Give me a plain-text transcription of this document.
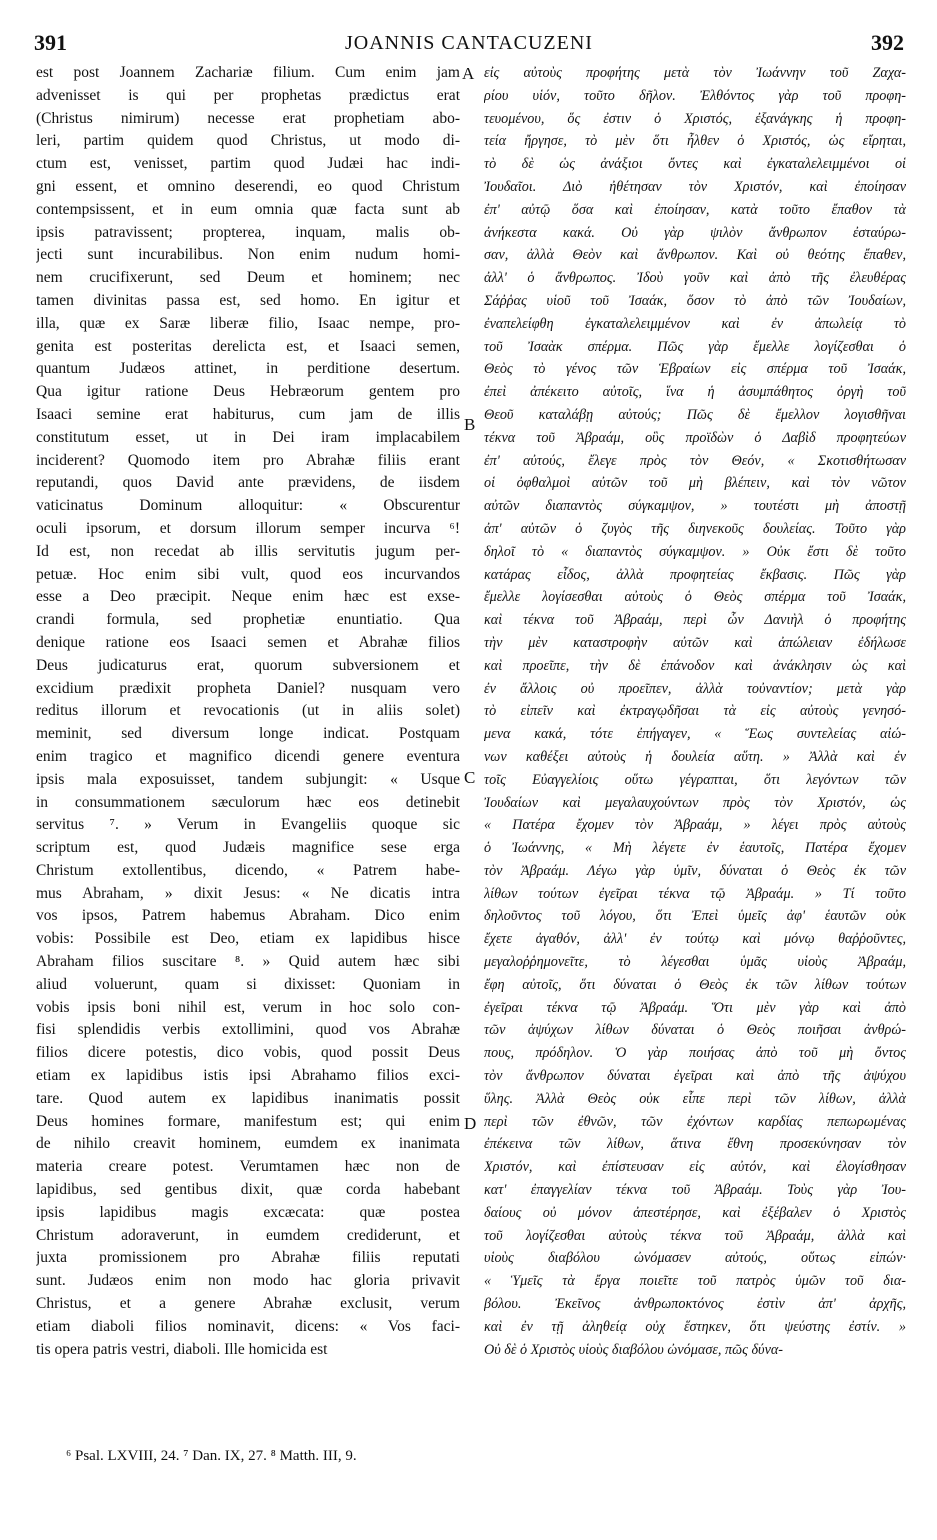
391	JOANNIS CANTACUZENI	392
est post Joannem Zachariæ filium. Cum enim jam
advenisset is qui per prophetas prædictus erat
(Christus nimirum) necesse erat prophetiam abo-
leri, partim quidem quod Christus, ut modo di-
ctum est, venisset, partim quod Judæi hac indi-
gni essent, et omnino deserendi, eo quod Christum
contempsissent, et in eum omnia quæ facta sunt ab
ipsis patravissent; propterea, inquam, malis ob-
jecti sunt incurabilibus. Non enim nudum homi-
nem crucifixerunt, sed Deum et hominem; nec
tamen divinitas passa est, sed homo. En igitur et
illa, quæ ex Saræ liberæ filio, Isaac nempe, pro-
genita est posteritas derelicta est, et Isaaci semen,
quantum Judæos attinet, in perditione desertum.
Qua igitur ratione Deus Hebræorum gentem pro
Isaaci semine erat habiturus, cum jam de illis
constitutum esset, ut in Dei iram implacabilem
inciderent? Quomodo item pro Abrahæ filiis erant
reputandi, quos David ante prævidens, de iisdem
vaticinatus Dominum alloquitur: « Obscurentur
oculi ipsorum, et dorsum illorum semper incurva ⁶!
Id est, non recedat ab illis servitutis jugum per-
petuæ. Hoc enim sibi vult, quod eos incurvandos
esse a Deo præcipit. Neque enim hæc est exse-
crandi formula, sed prophetiæ enuntiatio. Qua
denique ratione eos Isaaci semen et Abrahæ filios
Deus judicaturus erat, quorum subversionem et
excidium prædixit propheta Daniel? nusquam vero
reditus illorum et revocationis (ut in aliis solet)
meminit, sed diversum longe indicat. Postquam
enim tragico et magnifico dicendi genere eventura
ipsis mala exposuisset, tandem subjungit: « Usque
in consummationem sæculorum hæc eos detinebit
servitus ⁷. » Verum in Evangeliis quoque sic
scriptum est, quod Judæis magnifice sese erga
Christum extollentibus, dicendo, « Patrem habe-
mus Abraham, » dixit Jesus: « Ne dicatis intra
vos ipsos, Patrem habemus Abraham. Dico enim
vobis: Possibile est Deo, etiam ex lapidibus hisce
Abraham filios suscitare ⁸. » Quid autem hæc sibi
aliud voluerunt, quam si dixisset: Quoniam in
vobis ipsis boni nihil est, verum in hoc solo con-
fisi splendidis verbis extollimini, quod vos Abrahæ
filios dicere potestis, dico vobis, quod possit Deus
etiam ex lapidibus istis ipsi Abrahamo filios exci-
tare. Quod autem ex lapidibus inanimatis possit
Deus homines formare, manifestum est; qui enim
de nihilo creavit hominem, eumdem ex inanimata
materia creare potest. Verumtamen hæc non de
lapidibus, sed gentibus dixit, quæ corda habebant
ipsis lapidibus magis excæcata: quæ postea
Christum adoraverunt, in eumdem crediderunt, et
juxta promissionem pro Abrahæ filiis reputati
sunt. Judæos enim non modo hac gloria privavit
Christus, et a genere Abrahæ exclusit, verum
etiam diaboli filios nominavit, dicens: « Vos faci-
tis opera patris vestri, diaboli. Ille homicida est
εἰς αὐτοὺς προφήτης μετὰ τὸν Ἰωάννην τοῦ Ζαχα-
ρίου υἱόν, τοῦτο δῆλον. Ἐλθόντος γὰρ τοῦ προφη-
τευομένου, ὅς ἐστιν ὁ Χριστός, ἐξανάγκης ἡ προφη-
τεία ἤργησε, τὸ μὲν ὅτι ἦλθεν ὁ Χριστός, ὡς εἴρηται,
τὸ δὲ ὡς ἀνάξιοι ὄντες καὶ ἐγκαταλελειμμένοι οἱ
Ἰουδαῖοι. Διὸ ἠθέτησαν τὸν Χριστόν, καὶ ἐποίησαν
ἐπ' αὐτῷ ὅσα καὶ ἐποίησαν, κατὰ τοῦτο ἔπαθον τὰ
ἀνήκεστα κακά. Οὐ γὰρ ψιλὸν ἄνθρωπον ἐσταύρω-
σαν, ἀλλὰ Θεὸν καὶ ἄνθρωπον. Καὶ οὐ θεότης ἔπαθεν,
ἀλλ' ὁ ἄνθρωπος. Ἰδοὺ γοῦν καὶ ἀπὸ τῆς ἐλευθέρας
Σάῤῥας υἱοῦ τοῦ Ἰσαάκ, ὅσον τὸ ἀπὸ τῶν Ἰουδαίων,
ἐναπελείφθη ἐγκαταλελειμμένον καὶ ἐν ἀπωλείᾳ τὸ
τοῦ Ἰσαὰκ σπέρμα. Πῶς γὰρ ἔμελλε λογίζεσθαι ὁ
Θεὸς τὸ γένος τῶν Ἑβραίων εἰς σπέρμα τοῦ Ἰσαάκ,
ἐπεὶ ἀπέκειτο αὐτοῖς, ἵνα ἡ ἀσυμπάθητος ὀργὴ τοῦ
Θεοῦ καταλάβῃ αὐτούς; Πῶς δὲ ἔμελλον λογισθῆναι
τέκνα τοῦ Ἀβραάμ, οὓς προϊδὼν ὁ Δαβὶδ προφητεύων
ἐπ' αὐτούς, ἔλεγε πρὸς τὸν Θεόν, « Σκοτισθήτωσαν
οἱ ὀφθαλμοὶ αὐτῶν τοῦ μὴ βλέπειν, καὶ τὸν νῶτον
αὐτῶν διαπαντὸς σύγκαμψον, » τουτέστι μὴ ἀποστῇ
ἀπ' αὐτῶν ὁ ζυγὸς τῆς διηνεκοῦς δουλείας. Τοῦτο γὰρ
δηλοῖ τὸ « διαπαντὸς σύγκαμψον. » Οὐκ ἔστι δὲ τοῦτο
κατάρας εἶδος, ἀλλὰ προφητείας ἔκβασις. Πῶς γὰρ
ἔμελλε λογίσεσθαι αὐτοὺς ὁ Θεὸς σπέρμα τοῦ Ἰσαάκ,
καὶ τέκνα τοῦ Ἀβραάμ, περὶ ὧν Δανιὴλ ὁ προφήτης
τὴν μὲν καταστροφὴν αὐτῶν καὶ ἀπώλειαν ἐδήλωσε
καὶ προεῖπε, τὴν δὲ ἐπάνοδον καὶ ἀνάκλησιν ὡς καὶ
ἐν ἄλλοις οὐ προεῖπεν, ἀλλὰ τοὐναντίον; μετὰ γὰρ
τὸ εἰπεῖν καὶ ἐκτραγῳδῆσαι τὰ εἰς αὐτοὺς γενησό-
μενα κακά, τότε ἐπήγαγεν, « Ἕως συντελείας αἰώ-
νων καθέξει αὐτοὺς ἡ δουλεία αὕτη. » Ἀλλὰ καὶ ἐν
τοῖς Εὐαγγελίοις οὕτω γέγραπται, ὅτι λεγόντων τῶν
Ἰουδαίων καὶ μεγαλαυχούντων πρὸς τὸν Χριστόν, ὡς
« Πατέρα ἔχομεν τὸν Ἀβραάμ, » λέγει πρὸς αὐτοὺς
ὁ Ἰωάννης, « Μὴ λέγετε ἐν ἑαυτοῖς, Πατέρα ἔχομεν
τὸν Ἀβραάμ. Λέγω γὰρ ὑμῖν, δύναται ὁ Θεὸς ἐκ τῶν
λίθων τούτων ἐγεῖραι τέκνα τῷ Ἀβραάμ. » Τί τοῦτο
δηλοῦντος τοῦ λόγου, ὅτι Ἐπεὶ ὑμεῖς ἀφ' ἑαυτῶν οὐκ
ἔχετε ἀγαθόν, ἀλλ' ἐν τούτῳ καὶ μόνῳ θαῤῥοῦντες,
μεγαλοῤῥημονεῖτε, τὸ λέγεσθαι ὑμᾶς υἱοὺς Ἀβραάμ,
ἔφη αὐτοῖς, ὅτι δύναται ὁ Θεὸς ἐκ τῶν λίθων τούτων
ἐγεῖραι τέκνα τῷ Ἀβραάμ. Ὅτι μὲν γὰρ καὶ ἀπὸ
τῶν ἀψύχων λίθων δύναται ὁ Θεὸς ποιῆσαι ἀνθρώ-
πους, πρόδηλον. Ὁ γὰρ ποιήσας ἀπὸ τοῦ μὴ ὄντος
τὸν ἄνθρωπον δύναται ἐγεῖραι καὶ ἀπὸ τῆς ἀψύχου
ὕλης. Ἀλλὰ Θεὸς οὐκ εἶπε περὶ τῶν λίθων, ἀλλὰ
περὶ τῶν ἐθνῶν, τῶν ἐχόντων καρδίας πεπωρωμένας
ἐπέκεινα τῶν λίθων, ἅτινα ἔθνη προσεκύνησαν τὸν
Χριστόν, καὶ ἐπίστευσαν εἰς αὐτόν, καὶ ἐλογίσθησαν
κατ' ἐπαγγελίαν τέκνα τοῦ Ἀβραάμ. Τοὺς γὰρ Ἰου-
δαίους οὐ μόνον ἀπεστέρησε, καὶ ἐξέβαλεν ὁ Χριστὸς
τοῦ λογίζεσθαι αὐτοὺς τέκνα τοῦ Ἀβραάμ, ἀλλὰ καὶ
υἱοὺς διαβόλου ὠνόμασεν αὐτούς, οὕτως εἰπών·
« Ὑμεῖς τὰ ἔργα ποιεῖτε τοῦ πατρὸς ὑμῶν τοῦ δια-
βόλου. Ἐκεῖνος ἀνθρωποκτόνος ἐστὶν ἀπ' ἀρχῆς,
καὶ ἐν τῇ ἀληθείᾳ οὐχ ἕστηκεν, ὅτι ψεύστης ἐστίν. »
Οὐ δὲ ὁ Χριστὸς υἱοὺς διαβόλου ὠνόμασε, πῶς δύνα-
A
B
C
D
⁶ Psal. LXVIII, 24. ⁷ Dan. IX, 27. ⁸ Matth. III, 9.
